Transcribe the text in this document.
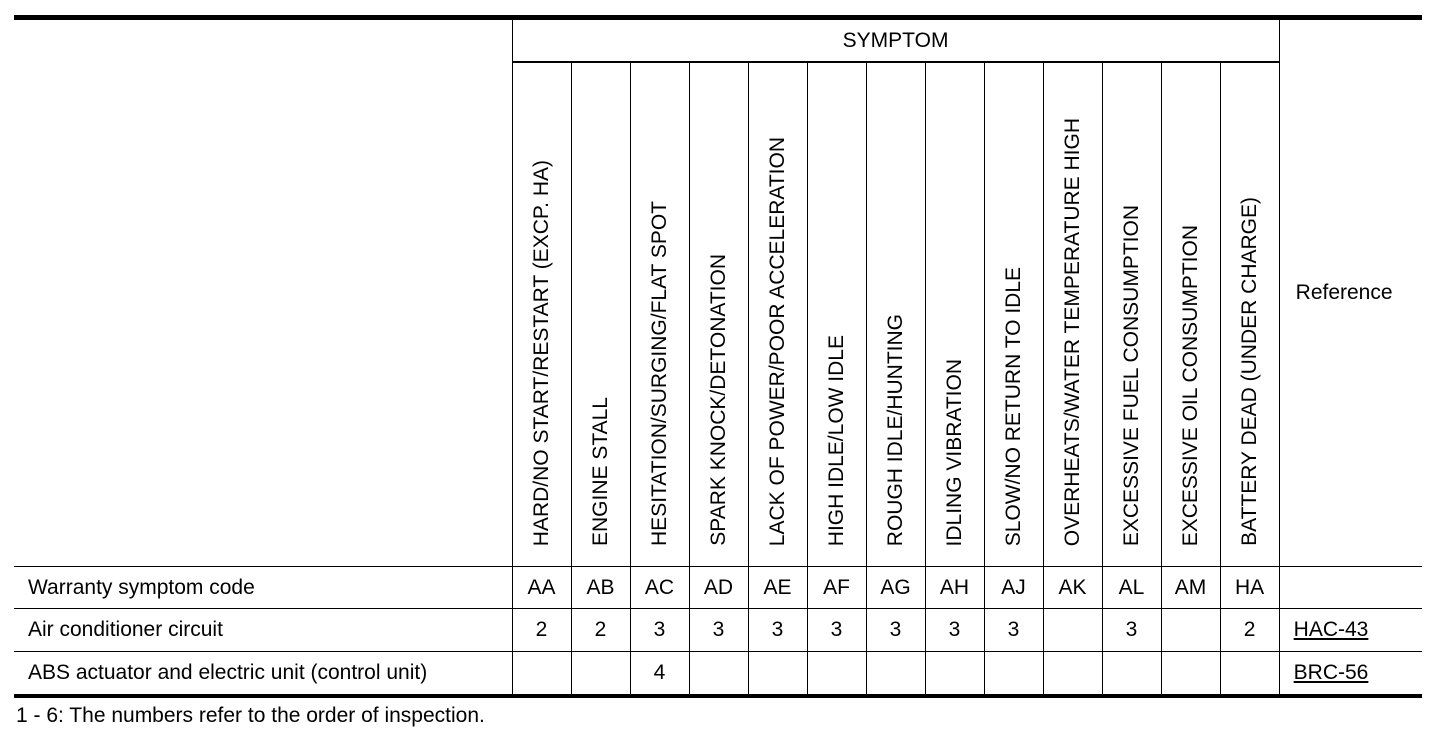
	SYMPTOM													Reference
	HARD/NO START/RESTART (EXCP. HA)	ENGINE STALL	HESITATION/SURGING/FLAT SPOT	SPARK KNOCK/DETONATION	LACK OF POWER/POOR ACCELERATION	HIGH IDLE/LOW IDLE	ROUGH IDLE/HUNTING	IDLING VIBRATION	SLOW/NO RETURN TO IDLE	OVERHEATS/WATER TEMPERATURE HIGH	EXCESSIVE FUEL CONSUMPTION	EXCESSIVE OIL CONSUMPTION	BATTERY DEAD (UNDER CHARGE)	
Warranty symptom code	AA	AB	AC	AD	AE	AF	AG	AH	AJ	AK	AL	AM	HA	
Air conditioner circuit	2	2	3	3	3	3	3	3	3		3		2	HAC-43
ABS actuator and electric unit (control unit)			4											BRC-56
1 - 6: The numbers refer to the order of inspection.
